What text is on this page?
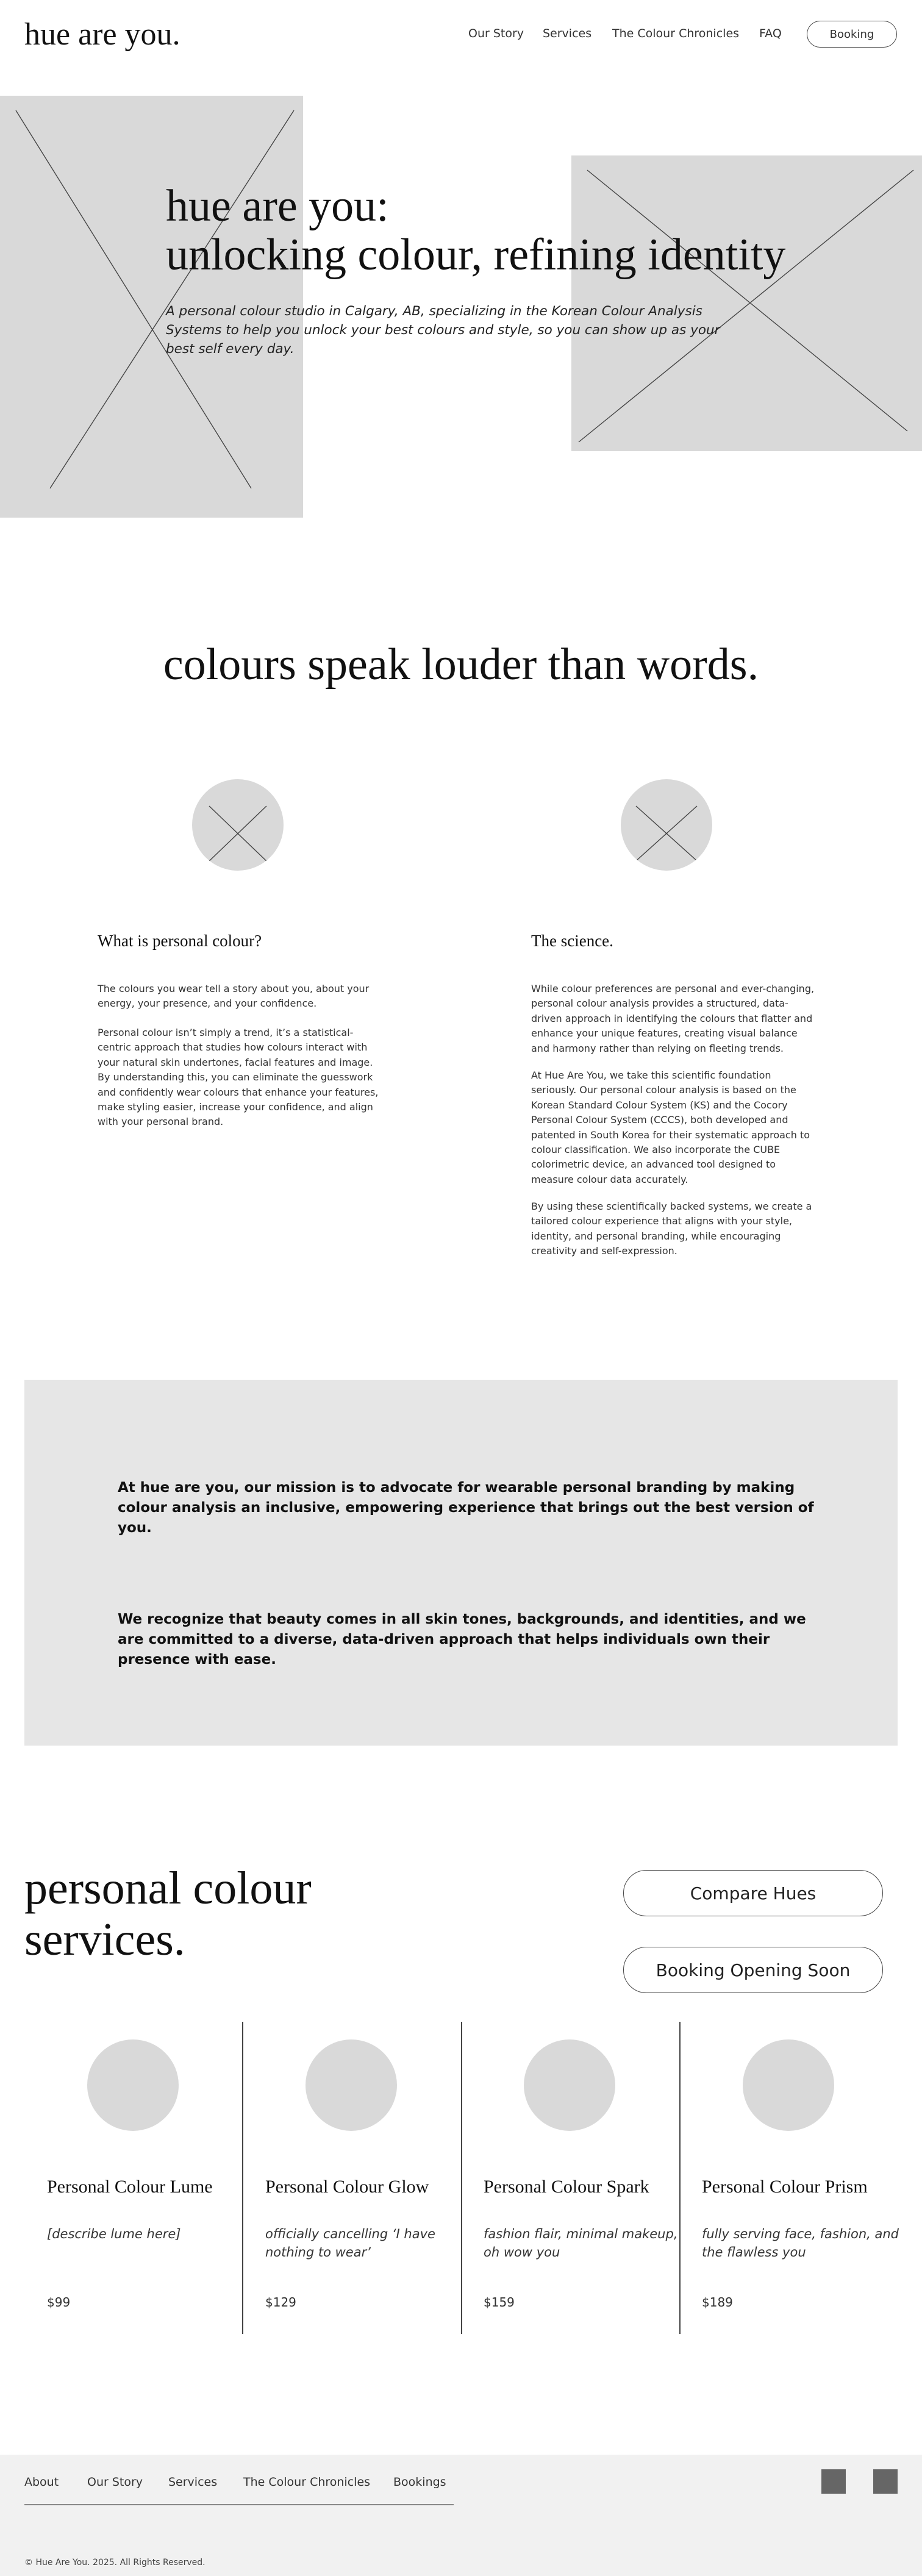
hue are you.	Our Story Services The Colour Chronicles FAQ	Booking
hue are you:
unlocking colour, refining identity
A personal colour studio in Calgary, AB, specializing in the Korean Colour Analysis Systems to help you unlock your best colours and style, so you can show up as your best self every day.
colours speak louder than words.
What is personal colour?

The colours you wear tell a story about you, about your energy, your presence, and your confidence.

Personal colour isn’t simply a trend, it’s a statistical-centric approach that studies how colours interact with your natural skin undertones, facial features and image. By understanding this, you can eliminate the guesswork and confidently wear colours that enhance your features, make styling easier, increase your confidence, and align with your personal brand.

The science.

While colour preferences are personal and ever-changing, personal colour analysis provides a structured, data-driven approach in identifying the colours that flatter and enhance your unique features, creating visual balance and harmony rather than relying on fleeting trends.

At Hue Are You, we take this scientific foundation seriously. Our personal colour analysis is based on the Korean Standard Colour System (KS) and the Cocory Personal Colour System (CCCS), both developed and patented in South Korea for their systematic approach to colour classification. We also incorporate the CUBE colorimetric device, an advanced tool designed to measure colour data accurately.

By using these scientifically backed systems, we create a tailored colour experience that aligns with your style, identity, and personal branding, while encouraging creativity and self-expression.

At hue are you, our mission is to advocate for wearable personal branding by making colour analysis an inclusive, empowering experience that brings out the best version of you.

We recognize that beauty comes in all skin tones, backgrounds, and identities, and we are committed to a diverse, data-driven approach that helps individuals own their presence with ease.

personal colour services.
Compare Hues
Booking Opening Soon
Personal Colour Lume
[describe lume here]
$99
Personal Colour Glow
officially cancelling ‘I have nothing to wear’
$129
Personal Colour Spark
fashion flair, minimal makeup, oh wow you
$159
Personal Colour Prism
fully serving face, fashion, and the flawless you
$189
About Our Story Services The Colour Chronicles Bookings
© Hue Are You. 2025. All Rights Reserved.
